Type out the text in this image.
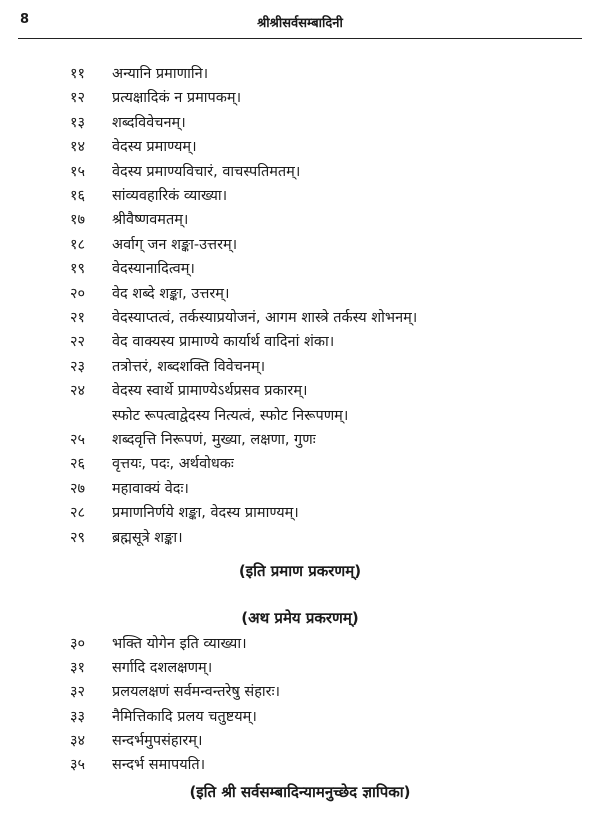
8	श्रीश्रीसर्वसम्बादिनी
११ अन्यानि प्रमाणानि।
१२ प्रत्यक्षादिकं न प्रमापकम्।
१३ शब्दविवेचनम्।
१४ वेदस्य प्रमाण्यम्।
१५ वेदस्य प्रमाण्यविचारं, वाचस्पतिमतम्।
१६ सांव्यवहारिकं व्याख्या।
१७ श्रीवैष्णवमतम्।
१८ अर्वाग् जन शङ्का-उत्तरम्।
१९ वेदस्यानादित्वम्।
२० वेद शब्दे शङ्का, उत्तरम्।
२१ वेदस्याप्तत्वं, तर्कस्याप्रयोजनं, आगम शास्त्रे तर्कस्य शोभनम्।
२२ वेद वाक्यस्य प्रामाण्ये कार्यार्थ वादिनां शंका।
२३ तत्रोत्तरं, शब्दशक्ति विवेचनम्।
२४ वेदस्य स्वार्थे प्रामाण्येऽर्थप्रसव प्रकारम्।
स्फोट रूपत्वाद्वेदस्य नित्यत्वं, स्फोट निरूपणम्।
२५ शब्दवृत्ति निरूपणं, मुख्या, लक्षणा, गुणः
२६ वृत्तयः, पदः, अर्थवोधकः
२७ महावाक्यं वेदः।
२८ प्रमाणनिर्णये शङ्का, वेदस्य प्रामाण्यम्।
२९ ब्रह्मसूत्रे शङ्का।
(इति प्रमाण प्रकरणम्)
(अथ प्रमेय प्रकरणम्)
३० भक्ति योगेन इति व्याख्या।
३१ सर्गादि दशलक्षणम्।
३२ प्रलयलक्षणं सर्वमन्वन्तरेषु संहारः।
३३ नैमित्तिकादि प्रलय चतुष्टयम्।
३४ सन्दर्भमुपसंहारम्।
३५ सन्दर्भ समापयति।
(इति श्री सर्वसम्बादिन्यामनुच्छेद ज्ञापिका)
